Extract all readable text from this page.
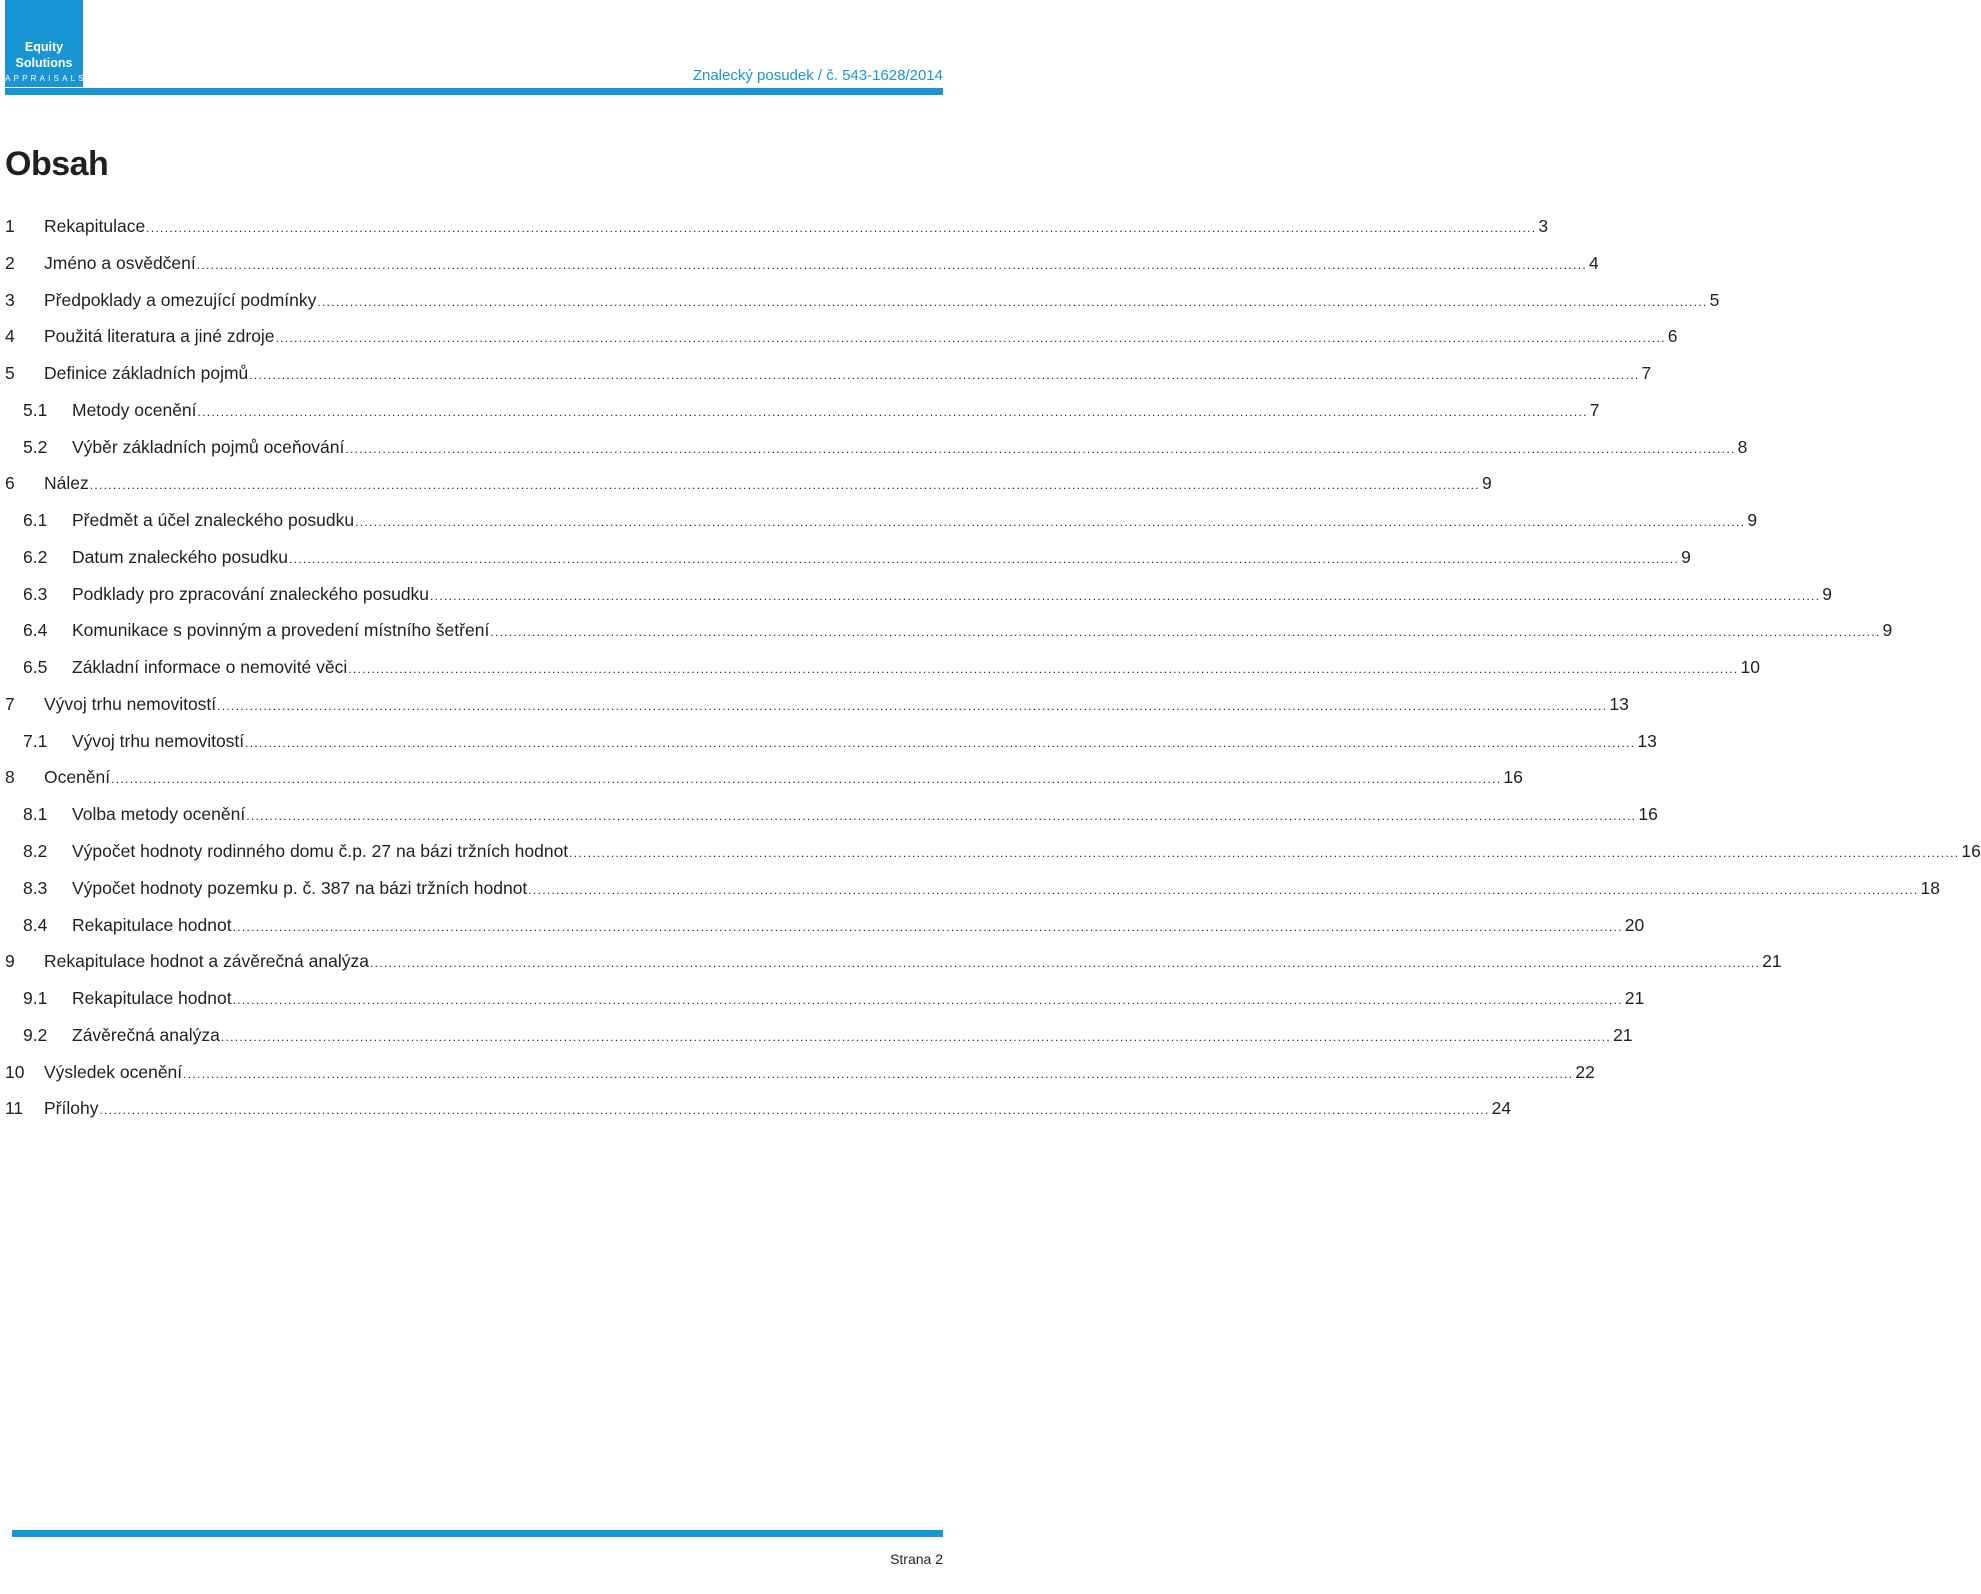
Equity
Solutions
APPRAISALS	Znalecký posudek / č. 543-1628/2014
Obsah
1	Rekapitulace ............................................................................................................................................................................................................................................................................................................ 3
2	Jméno a osvědčení ............................................................................................................................................................................................................................................................................................................ 4
3	Předpoklady a omezující podmínky ............................................................................................................................................................................................................................................................................................................ 5
4	Použitá literatura a jiné zdroje ............................................................................................................................................................................................................................................................................................................ 6
5	Definice základních pojmů ............................................................................................................................................................................................................................................................................................................ 7
5.1	Metody ocenění ............................................................................................................................................................................................................................................................................................................ 7
5.2	Výběr základních pojmů oceňování ............................................................................................................................................................................................................................................................................................................ 8
6	Nález ............................................................................................................................................................................................................................................................................................................ 9
6.1	Předmět a účel znaleckého posudku ............................................................................................................................................................................................................................................................................................................ 9
6.2	Datum znaleckého posudku ............................................................................................................................................................................................................................................................................................................ 9
6.3	Podklady pro zpracování znaleckého posudku ............................................................................................................................................................................................................................................................................................................ 9
6.4	Komunikace s povinným a provedení místního šetření ............................................................................................................................................................................................................................................................................................................ 9
6.5	Základní informace o nemovité věci ............................................................................................................................................................................................................................................................................................................ 10
7	Vývoj trhu nemovitostí ............................................................................................................................................................................................................................................................................................................ 13
7.1	Vývoj trhu nemovitostí ............................................................................................................................................................................................................................................................................................................ 13
8	Ocenění ............................................................................................................................................................................................................................................................................................................ 16
8.1	Volba metody ocenění ............................................................................................................................................................................................................................................................................................................ 16
8.2	Výpočet hodnoty rodinného domu č.p. 27 na bázi tržních hodnot ............................................................................................................................................................................................................................................................................................................ 16
8.3	Výpočet hodnoty pozemku p. č. 387 na bázi tržních hodnot ............................................................................................................................................................................................................................................................................................................ 18
8.4	Rekapitulace hodnot ............................................................................................................................................................................................................................................................................................................ 20
9	Rekapitulace hodnot a závěrečná analýza ............................................................................................................................................................................................................................................................................................................ 21
9.1	Rekapitulace hodnot ............................................................................................................................................................................................................................................................................................................ 21
9.2	Závěrečná analýza ............................................................................................................................................................................................................................................................................................................ 21
10	Výsledek ocenění ............................................................................................................................................................................................................................................................................................................ 22
11	Přílohy ............................................................................................................................................................................................................................................................................................................ 24
Strana 2
